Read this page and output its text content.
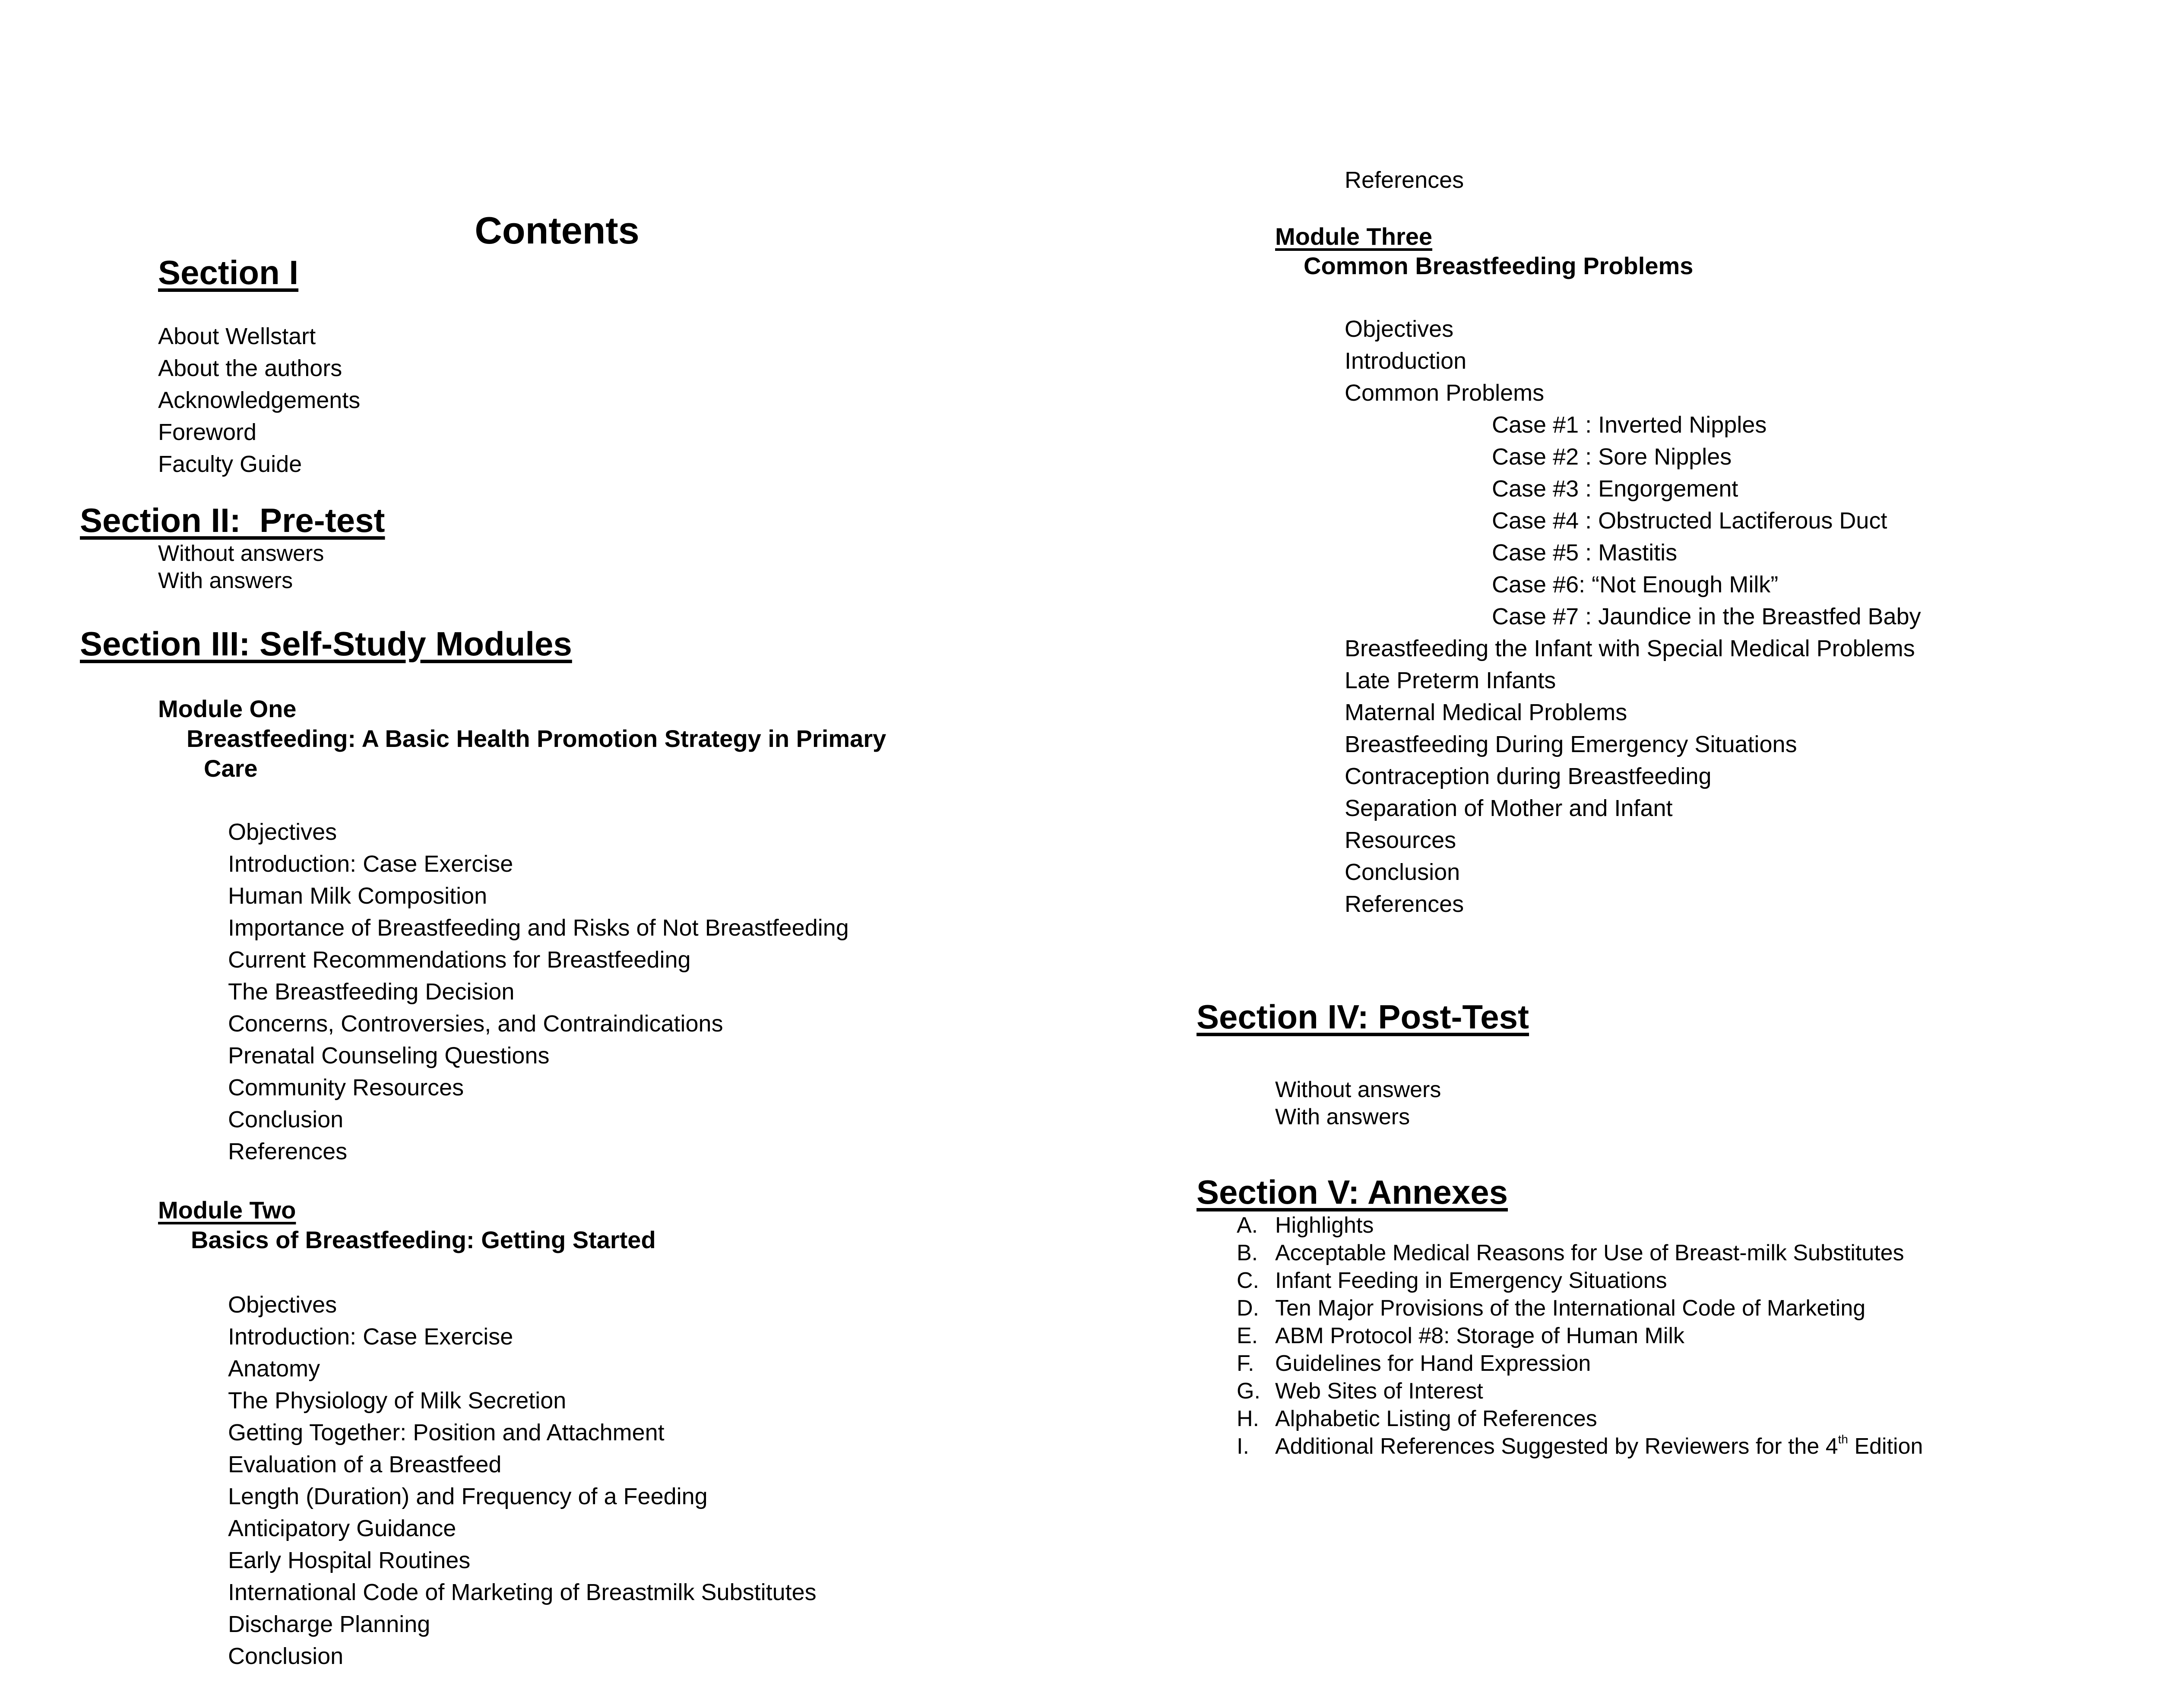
References
Contents
Section I
About Wellstart
About the authors
Acknowledgements
Foreword
Faculty Guide
Section II:  Pre-test
Without answers
With answers
Section III: Self-Study Modules
Module One
Breastfeeding: A Basic Health Promotion Strategy in Primary
Care
Objectives
Introduction: Case Exercise
Human Milk Composition
Importance of Breastfeeding and Risks of Not Breastfeeding
Current Recommendations for Breastfeeding
The Breastfeeding Decision
Concerns, Controversies, and Contraindications
Prenatal Counseling Questions
Community Resources
Conclusion
References
Module Two
Basics of Breastfeeding: Getting Started
Objectives
Introduction: Case Exercise
Anatomy
The Physiology of Milk Secretion
Getting Together: Position and Attachment
Evaluation of a Breastfeed
Length (Duration) and Frequency of a Feeding
Anticipatory Guidance
Early Hospital Routines
International Code of Marketing of Breastmilk Substitutes
Discharge Planning
Conclusion
Module Three
Common Breastfeeding Problems
Objectives
Introduction
Common Problems
Case #1 : Inverted Nipples
Case #2 : Sore Nipples
Case #3 : Engorgement
Case #4 : Obstructed Lactiferous Duct
Case #5 : Mastitis
Case #6: “Not Enough Milk”
Case #7 : Jaundice in the Breastfed Baby
Breastfeeding the Infant with Special Medical Problems
Late Preterm Infants
Maternal Medical Problems
Breastfeeding During Emergency Situations
Contraception during Breastfeeding
Separation of Mother and Infant
Resources
Conclusion
References
Section IV: Post-Test
Without answers
With answers
Section V: Annexes
A. Highlights
B. Acceptable Medical Reasons for Use of Breast-milk Substitutes
C. Infant Feeding in Emergency Situations
D. Ten Major Provisions of the International Code of Marketing
E. ABM Protocol #8: Storage of Human Milk
F. Guidelines for Hand Expression
G. Web Sites of Interest
H. Alphabetic Listing of References
I.	Additional References Suggested by Reviewers for the 4th Edition
